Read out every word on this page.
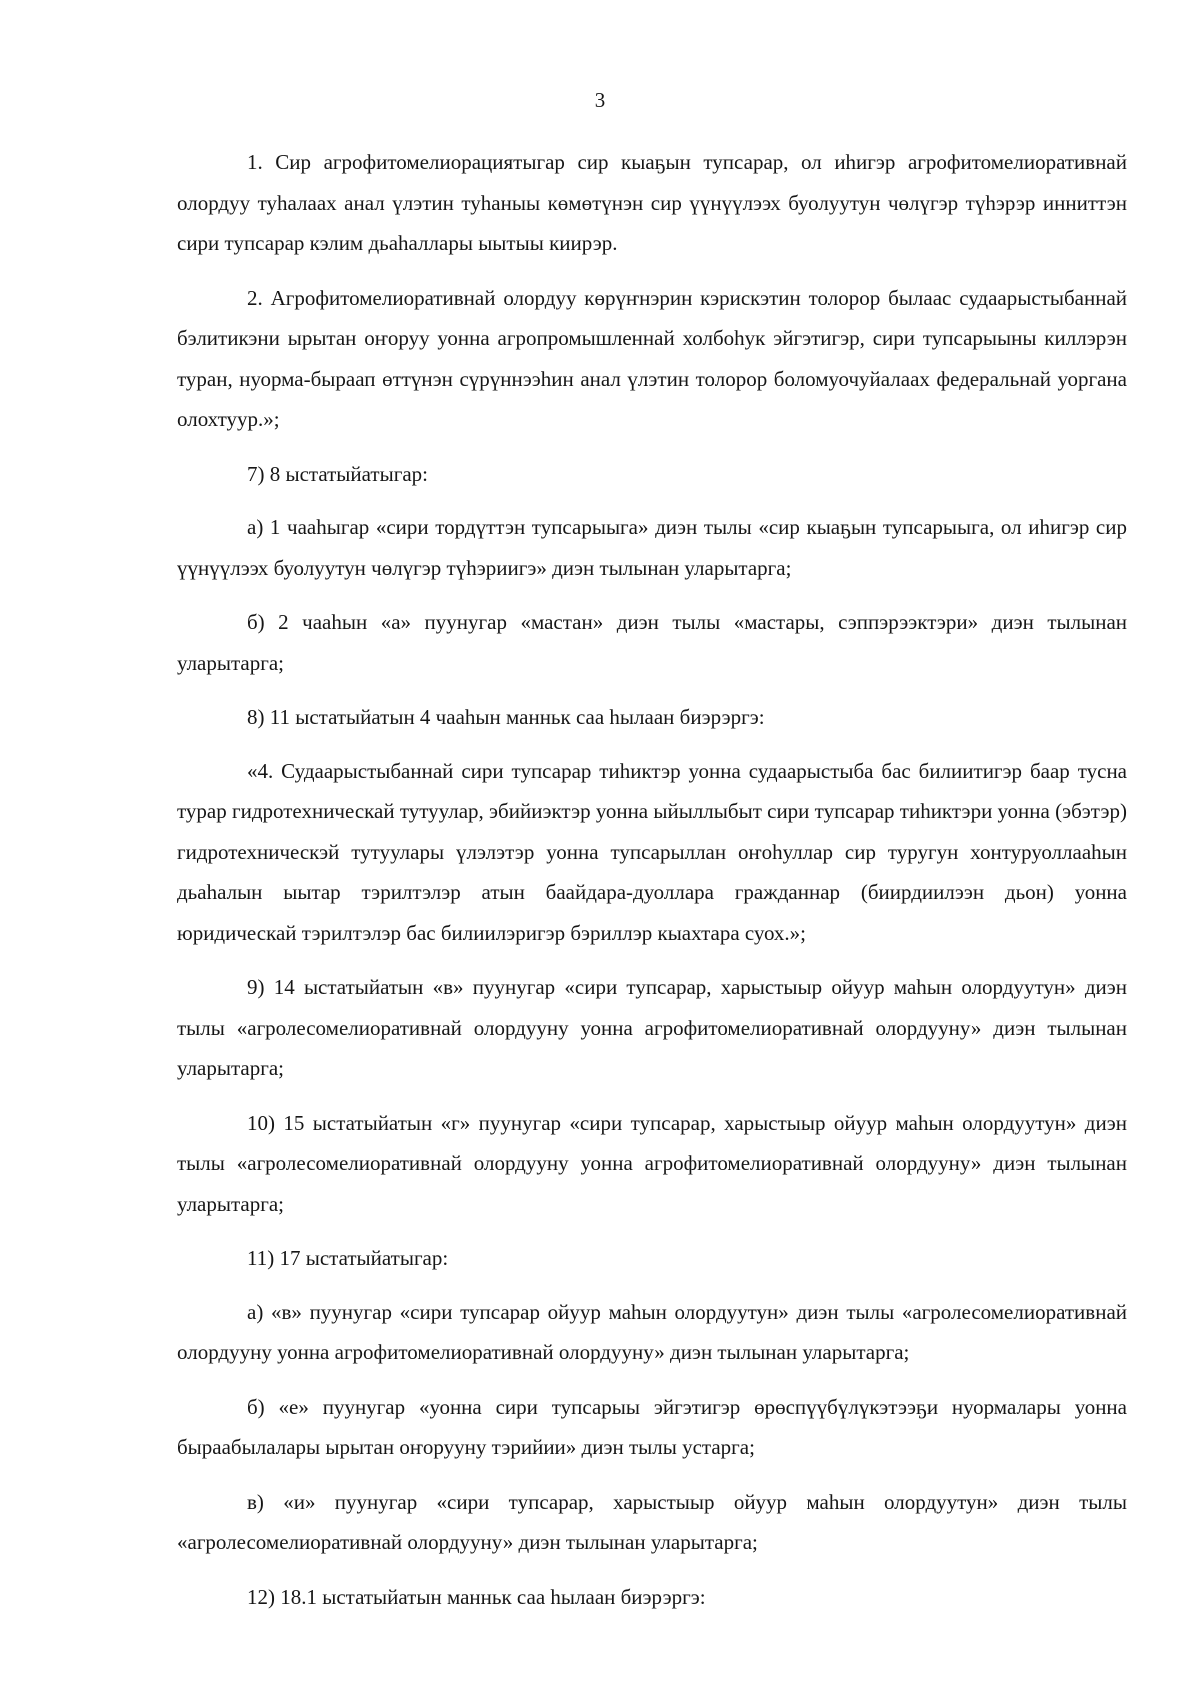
3

1. Сир агрофитомелиорациятыгар сир кыаҕын тупсарар, ол иһигэр агрофитомелиоративнай олордуу туһалаах анал үлэтин туһаныы көмөтүнэн сир үүнүүлээх буолуутун чөлүгэр түһэрэр инниттэн сири тупсарар кэлим дьаһаллары ыытыы киирэр.

2. Агрофитомелиоративнай олордуу көрүҥнэрин кэрискэтин толорор былаас судаарыстыбаннай бэлитикэни ырытан оҥоруу уонна агропромышленнай холбоһук эйгэтигэр, сири тупсарыыны киллэрэн туран, нуорма-быраап өттүнэн сүрүннээһин анал үлэтин толорор боломуочуйалаах федеральнай уоргана олохтуур.»;

7) 8 ыстатыйатыгар:

а) 1 чааһыгар «сири тордүттэн тупсарыыга» диэн тылы «сир кыаҕын тупсарыыга, ол иһигэр сир үүнүүлээх буолуутун чөлүгэр түһэриигэ» диэн тылынан уларытарга;

б) 2 чааһын «а» пуунугар «мастан» диэн тылы «мастары, сэппэрээктэри» диэн тылынан уларытарга;

8) 11 ыстатыйатын 4 чааһын манньк саа һылаан биэрэргэ:

«4. Судаарыстыбаннай сири тупсарар тиһиктэр уонна судаарыстыба бас билиитигэр баар тусна турар гидротехническай тутуулар, эбийиэктэр уонна ыйыллыбыт сири тупсарар тиһиктэри уонна (эбэтэр) гидротехническэй тутуулары үлэлэтэр уонна тупсарыллан оҥоһуллар сир туругун хонтуруоллааһын дьаһалын ыытар тэрилтэлэр атын баайдара-дуоллара гражданнар (биирдиилээн дьон) уонна юридическай тэрилтэлэр бас билиилэригэр бэриллэр кыахтара суох.»;

9) 14 ыстатыйатын «в» пуунугар «сири тупсарар, харыстыыр ойуур маһын олордуутун» диэн тылы «агролесомелиоративнай олордууну уонна агрофитомелиоративнай олордууну» диэн тылынан уларытарга;

10) 15 ыстатыйатын «г» пуунугар «сири тупсарар, харыстыыр ойуур маһын олордуутун» диэн тылы «агролесомелиоративнай олордууну уонна агрофитомелиоративнай олордууну» диэн тылынан уларытарга;

11) 17 ыстатыйатыгар:

а) «в» пуунугар «сири тупсарар ойуур маһын олордуутун» диэн тылы «агролесомелиоративнай олордууну уонна агрофитомелиоративнай олордууну» диэн тылынан уларытарга;

б) «е» пуунугар «уонна сири тупсарыы эйгэтигэр өрөспүүбүлүкэтээҕи нуормалары уонна быраабылалары ырытан оҥорууну тэрийии» диэн тылы устарга;

в) «и» пуунугар «сири тупсарар, харыстыыр ойуур маһын олордуутун» диэн тылы «агролесомелиоративнай олордууну» диэн тылынан уларытарга;

12) 18.1 ыстатыйатын манньк саа һылаан биэрэргэ:
